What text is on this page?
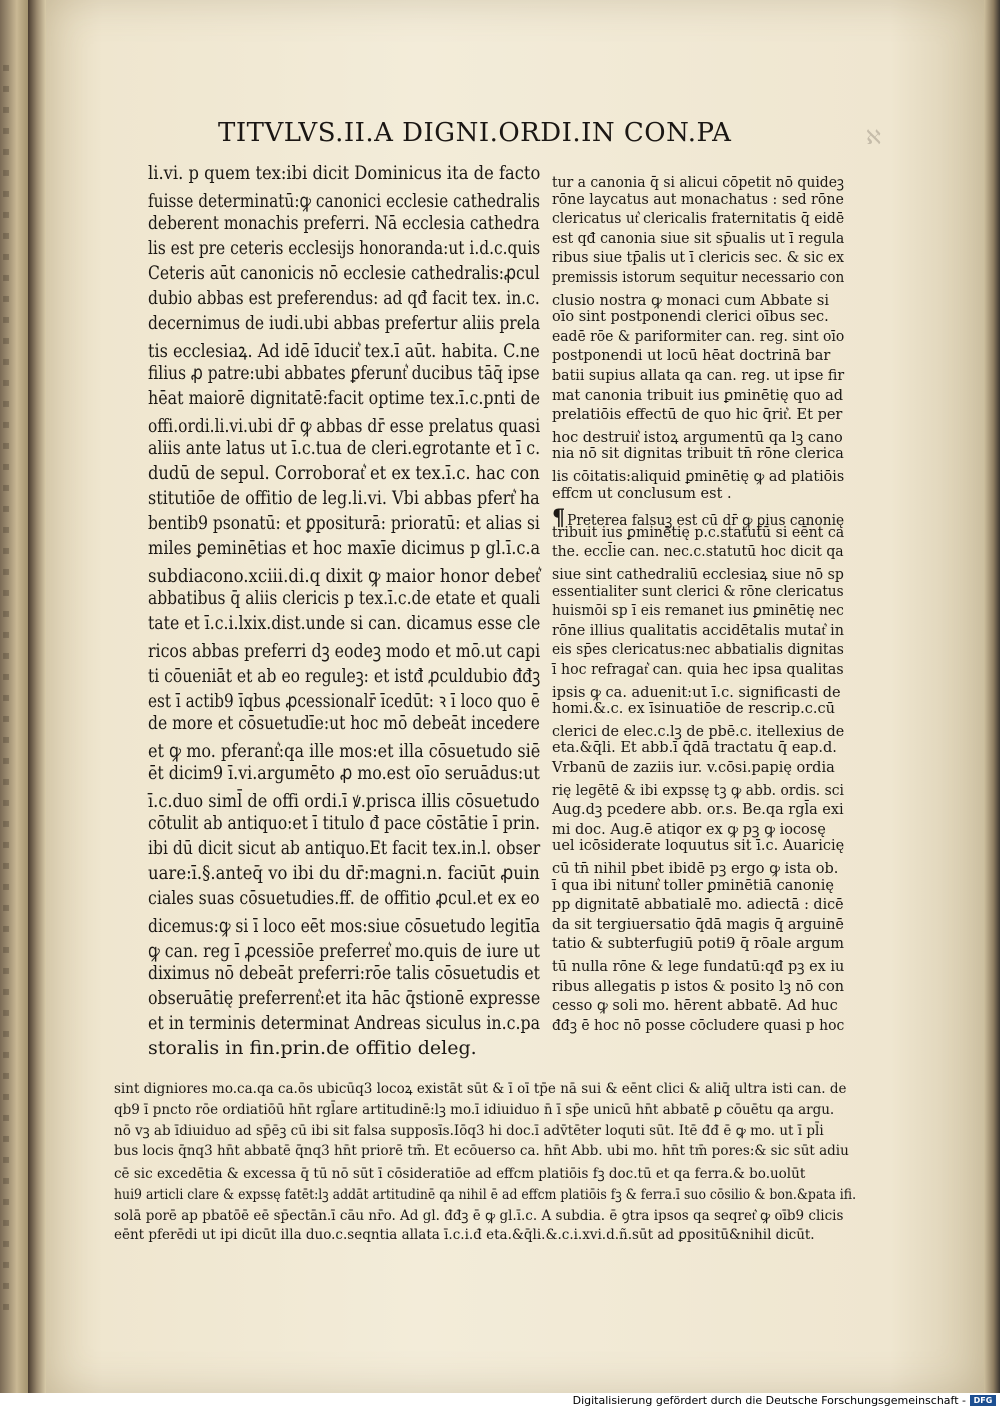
▪
▪
▪
▪
▪
▪
▪
▪
▪
▪
▪
▪
▪
▪
▪
▪
▪
▪
▪
▪
▪
▪
▪
▪
▪
▪
▪
▪
▪
▪
▪
▪
▪
▪
▪
▪
▪
▪
▪
▪
▪
▪
▪
▪
▪
▪
▪
▪
▪
▪
▪
▪
▪
▪
▪
▪
▪
▪
▪
▪
ℵ
TITVLVS.II.A DIGNI.ORDI.IN CON.PA
li.vi. p quem tex:ibi dicit Dominicus ita de facto
fuisse determinatū:ꝙ canonici ecclesie cathedralis
deberent monachis preferri. Nā ecclesia cathedra
lis est pre ceteris ecclesijs honoranda:ut i.d.c.quis
Ceteris aūt canonicis nō ecclesie cathedralis:ꝓcul
dubio abbas est preferendus: ad qđ facit tex. in.c.
decernimus de iudi.ubi abbas prefertur aliis prela
tis ecclesiaꝝ. Ad idē īducit͛ tex.ī aūt. habita. C.ne
filius ꝓ patre:ubi abbates ꝑferunt͛ ducibus tāq̄ ipse
hēat maiorē dignitatē:facit optime tex.ī.c.pnti de
offi.ordi.li.vi.ubi dr̄ ꝙ abbas dr̄ esse prelatus quasi
aliis ante latus ut ī.c.tua de cleri.egrotante et ī c.
dudū de sepul. Corroborat͛ et ex tex.ī.c. hac con
stitutiōe de offitio de leg.li.vi. Vbi abbas pfert͛ ha
bentib9 psonatū: et ꝑpositurā: prioratū: et alias si
miles ꝑeminētias et hoc maxīe dicimus p gl.ī.c.a
subdiacono.xciii.di.q dixit ꝙ maior honor debet͛
abbatibus q̄ aliis clericis p tex.ī.c.de etate et quali
tate et ī.c.i.lxix.dist.unde si can. dicamus esse cle
ricos abbas preferri dꝫ eodeꝫ modo et mō.ut capi
ti cōueniāt et ab eo reguleꝫ: et istđ ꝓculdubio đđꝫ
est ī actib9 īqbus ꝓcessionalr̄ īcedūt: ꝛ ī loco quo ē
de more et cōsuetudīe:ut hoc mō debeāt incedere
et ꝙ mo. pferant͛:qa ille mos:et illa cōsuetudo siē
ēt dicim9 ī.vi.argumēto ꝓ mo.est oīo seruādus:ut
ī.c.duo siml̄ de offi ordi.ī ꝟ.prisca illis cōsuetudo
cōtulit ab antiquo:et ī titulo đ pace cōstātie ī prin.
ibi dū dicit sicut ab antiquo.Et facit tex.in.l. obser
uare:ī.§.anteq̄ vo ibi du dr̄:magni.n. faciūt ꝓuin
ciales suas cōsuetudies.ff. de offitio ꝓcul.et ex eo
dicemus:ꝙ si ī loco eēt mos:siue cōsuetudo legitīa
ꝙ can. reg ī ꝓcessiōe preferret͛ mo.quis de iure ut
diximus nō debeāt preferri:rōe talis cōsuetudis et
obseruātię preferrent͛:et ita hāc q̄stionē expresse
et in terminis determinat Andreas siculus in.c.pa
storalis in fin.prin.de offitio deleg.
tur a canonia q̄ si alicui cōpetit nō quideꝫ
rōne laycatus aut monachatus : sed rōne
clericatus ut͛ clericalis fraternitatis q̄ eidē
est qđ canonia siue sit sp̄ualis ut ī regula
ribus siue tp̄alis ut ī clericis sec. & sic ex
premissis istorum sequitur necessario con
clusio nostra ꝙ monaci cum Abbate si
oīo sint postponendi clerici oībus sec.
eadē rōe & pariformiter can. reg. sint oīo
postponendi ut locū hēat doctrinā bar
batii supius allata qa can. reg. ut ipse fir
mat canonia tribuit ius ꝑminētię quo ad
prelatiōis effectū de quo hic q̄rit͛. Et per
hoc destruit͛ istoꝝ argumentū qa lꝫ cano
nia nō sit dignitas tribuit tn̄ rōne clerica
lis cōitatis:aliquid ꝑminētię ꝙ ad platiōis
effcm ut conclusum est .
¶ Preterea falsuꝫ est cū dr̄ ꝙ ꝑius canonię
tribuit ius ꝑminētię p.c.statutū si eēnt ca
the. eccl̄ie can. nec.c.statutū hoc dicit qa
siue sint cathedraliū ecclesiaꝝ siue nō sp
essentialiter sunt clerici & rōne clericatus
huismōi sp ī eis remanet ius ꝑminētię nec
rōne illius qualitatis accidētalis mutat͛ in
eis sp̄es clericatus:nec abbatialis dignitas
ī hoc refragat͛ can. quia hec ipsa qualitas
ipsis ꝙ ca. aduenit:ut ī.c. significasti de
homi.&.c. ex īsinuatiōe de rescrip.c.cū
clerici de elec.c.lꝫ de pbē.c. itellexius de
eta.&q̄li. Et abb.ī q̄dā tractatu q̄ eap.d.
Vrbanū de zaziis iur. v.cōsi.papię ordia
rię legētē & ibi expssę tꝫ ꝙ abb. ordis. sci
Aug.dꝫ pcedere abb. or.s. Be.qa rgl̄a exi
mi doc. Aug.ē atiqor ex ꝙ pꝫ ꝙ iocosę
uel icōsiderate loquutus sit ī.c. Auaricię
cū tn̄ nihil pbet ibidē pꝫ ergo ꝙ ista ob.
ī qua ibi nitunt͛ toller ꝑminētiā canonię
pp dignitatē abbatialē mo. adiectā : dicē
da sit tergiuersatio q̄dā magis q̄ arguinē
tatio & subterfugiū poti9 q̄ rōale argum
tū nulla rōne & lege fundatū:qđ pꝫ ex iu
ribus allegatis p istos & posito lꝫ nō con
cesso ꝙ soli mo. hērent abbatē. Ad huc
đđꝫ ē hoc nō posse cōcludere quasi p hoc
sint digniores mo.ca.qa ca.ōs ubicūq3 locoꝝ existāt sūt & ī oī tp̄e nā sui & eēnt clici & aliq̄ ultra isti can. de
qb9 ī pncto rōe ordiatiōū hn̄t rgl̄are artitudinē:lꝫ mo.ī idiuiduo n̄ ī sp̄e unicū hn̄t abbatē ꝑ cōuētu qa argu.
nō vꝫ ab īdiuiduo ad sp̄ēꝫ cū ibi sit falsa supposīs.Iōq3 hi doc.ī adv̄tēter loquti sūt. Itē đđ ē ꝙ mo. ut ī pl̄i
bus locis q̄nq3 hn̄t abbatē q̄nq3 hn̄t priorē tm̄. Et ecōuerso ca. hn̄t Abb. ubi mo. hn̄t tm̄ pores:& sic sūt adiu
cē sic excedētia & excessa q̄ tū nō sūt ī cōsideratiōe ad effcm platiōis fꝫ doc.tū et qa ferra.& bo.uolūt
hui9 articli clare & expssę fatēt:lꝫ addāt artitudinē qa nihil ē ad effcm platiōis fꝫ & ferra.ī suo cōsilio & bon.&pata ifi.
solā porē ap pbatōē eē sp̄ectān.ī cāu nr̄o. Ad gl. đđꝫ ē ꝙ gl.ī.c. A subdia. ē ꝯtra ipsos qa seqret͛ ꝙ oīb9 clicis
eēnt pferēdi ut ipi dicūt illa duo.c.seqntia allata ī.c.i.đ eta.&q̄li.&.c.i.xvi.d.ñ.sūt ad ꝑpositū&nihil dicūt.
Digitalisierung gefördert durch die Deutsche Forschungsgemeinschaft - DFG
